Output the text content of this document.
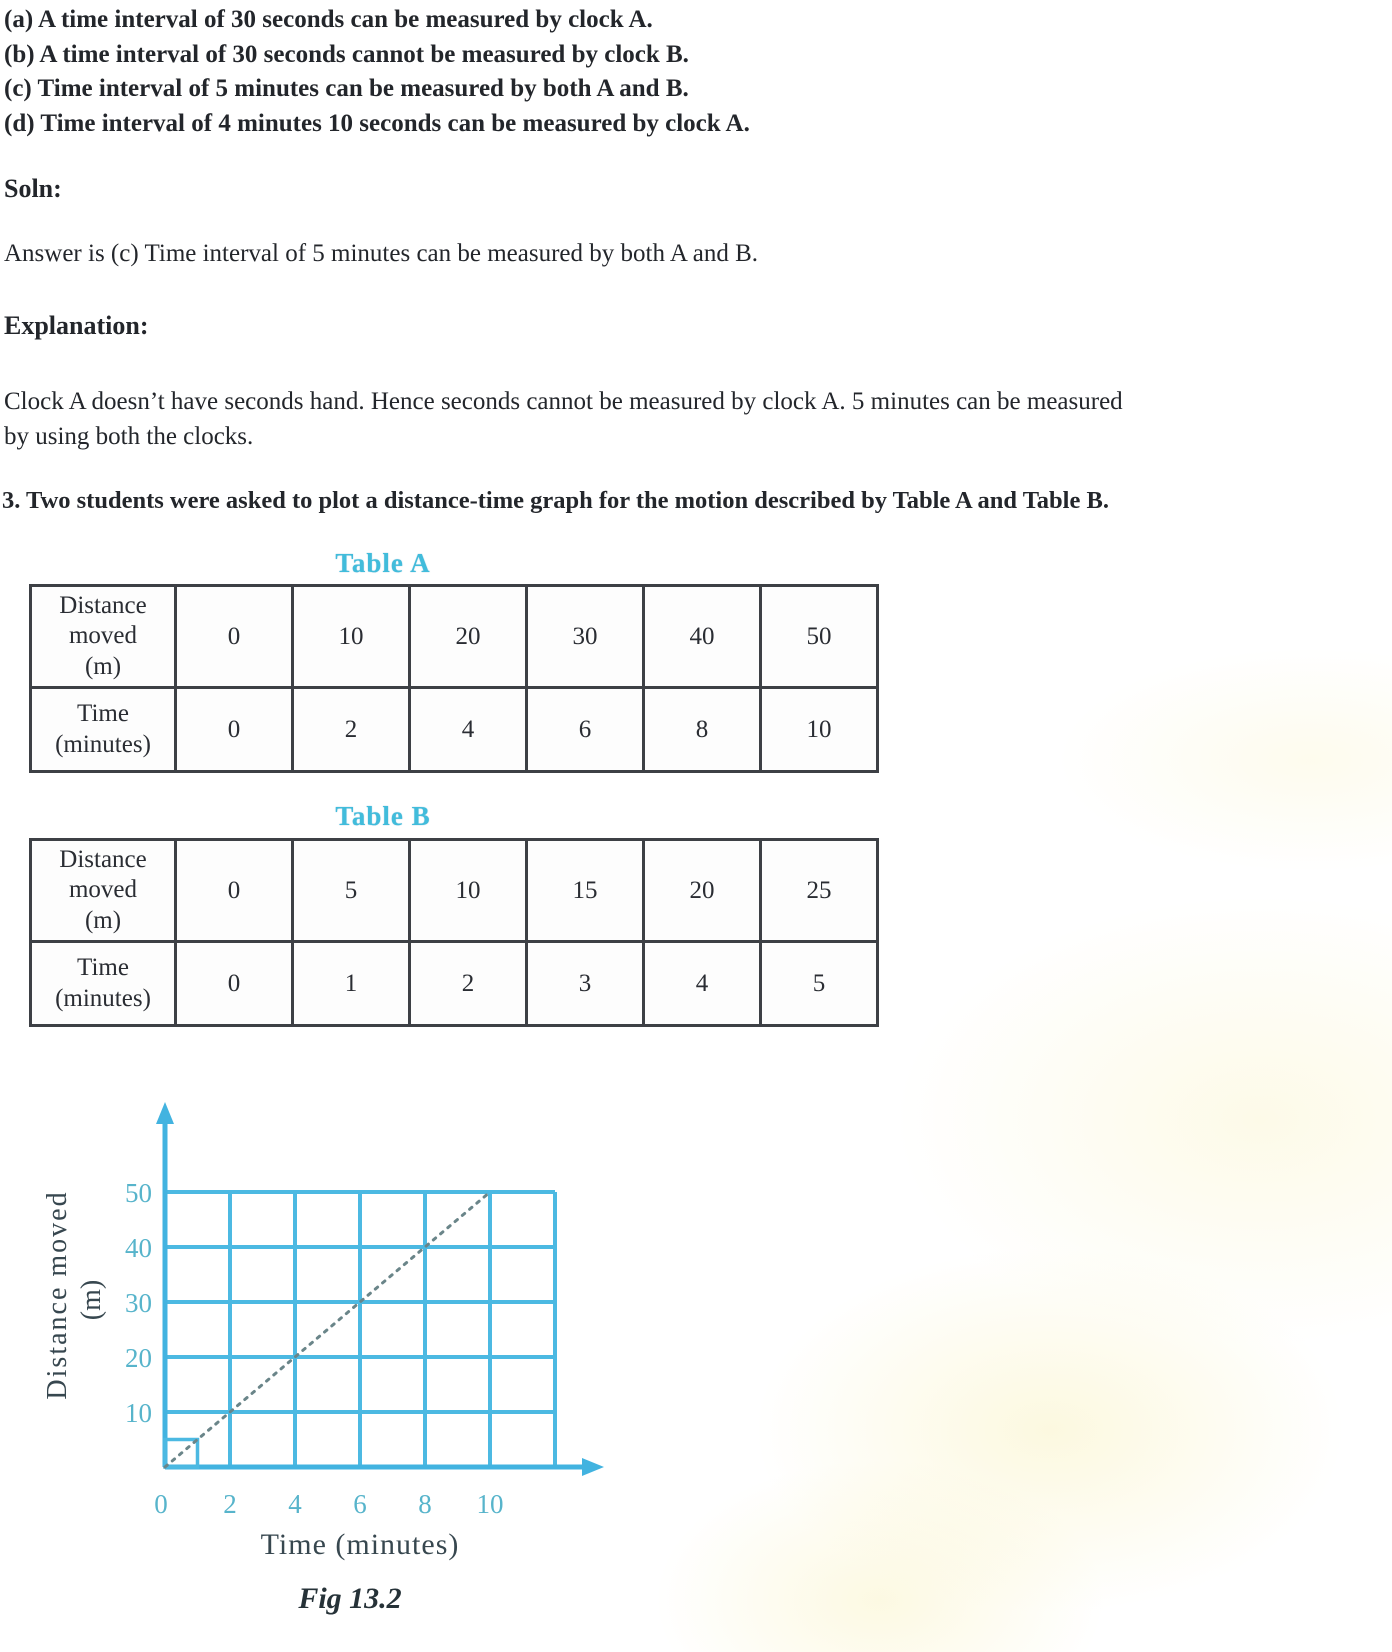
(a) A time interval of 30 seconds can be measured by clock A.
(b) A time interval of 30 seconds cannot be measured by clock B.
(c) Time interval of 5 minutes can be measured by both A and B.
(d) Time interval of 4 minutes 10 seconds can be measured by clock A.
Soln:
Answer is (c) Time interval of 5 minutes can be measured by both A and B.
Explanation:
Clock A doesn’t have seconds hand. Hence seconds cannot be measured by clock A. 5 minutes can be measured
by using both the clocks.
3. Two students were asked to plot a distance-time graph for the motion described by Table A and Table B.
Table A
Distance
moved
(m)	0	10	20	30	40	50

Time
(minutes)	0	2	4	6	8	10
Table B
Distance
moved
(m)	0	5	10	15	20	25

Time
(minutes)	0	1	2	3	4	5
0 2 4 6 8 10
10
20
30
40
50
Time (minutes)
Distance moved (m)
Fig 13.2
